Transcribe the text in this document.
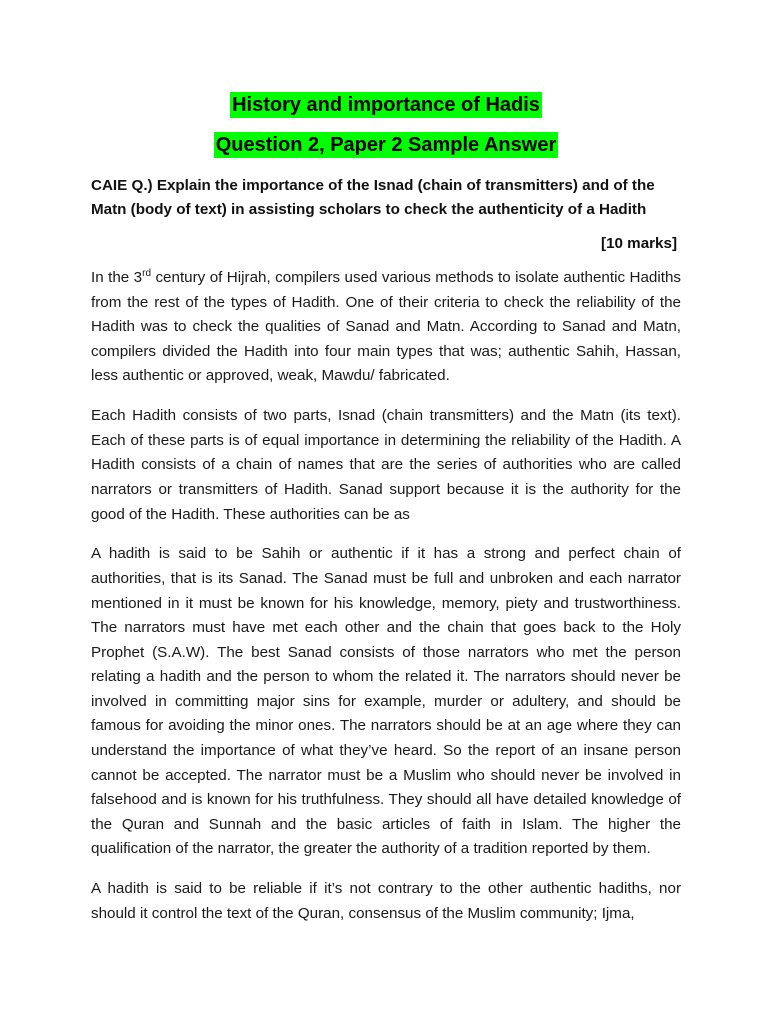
History and importance of Hadis
Question 2, Paper 2 Sample Answer
CAIE Q.) Explain the importance of the Isnad (chain of transmitters) and of the Matn (body of text) in assisting scholars to check the authenticity of a Hadith
[10 marks]

In the 3rd century of Hijrah, compilers used various methods to isolate authentic Hadiths from the rest of the types of Hadith. One of their criteria to check the reliability of the Hadith was to check the qualities of Sanad and Matn. According to Sanad and Matn, compilers divided the Hadith into four main types that was; authentic Sahih, Hassan, less authentic or approved, weak, Mawdu/ fabricated.

Each Hadith consists of two parts, Isnad (chain transmitters) and the Matn (its text). Each of these parts is of equal importance in determining the reliability of the Hadith. A Hadith consists of a chain of names that are the series of authorities who are called narrators or transmitters of Hadith. Sanad support because it is the authority for the good of the Hadith. These authorities can be as

A hadith is said to be Sahih or authentic if it has a strong and perfect chain of authorities, that is its Sanad. The Sanad must be full and unbroken and each narrator mentioned in it must be known for his knowledge, memory, piety and trustworthiness. The narrators must have met each other and the chain that goes back to the Holy Prophet (S.A.W). The best Sanad consists of those narrators who met the person relating a hadith and the person to whom the related it. The narrators should never be involved in committing major sins for example, murder or adultery, and should be famous for avoiding the minor ones. The narrators should be at an age where they can understand the importance of what they’ve heard. So the report of an insane person cannot be accepted. The narrator must be a Muslim who should never be involved in falsehood and is known for his truthfulness. They should all have detailed knowledge of the Quran and Sunnah and the basic articles of faith in Islam. The higher the qualification of the narrator, the greater the authority of a tradition reported by them.

A hadith is said to be reliable if it’s not contrary to the other authentic hadiths, nor should it control the text of the Quran, consensus of the Muslim community; Ijma,
